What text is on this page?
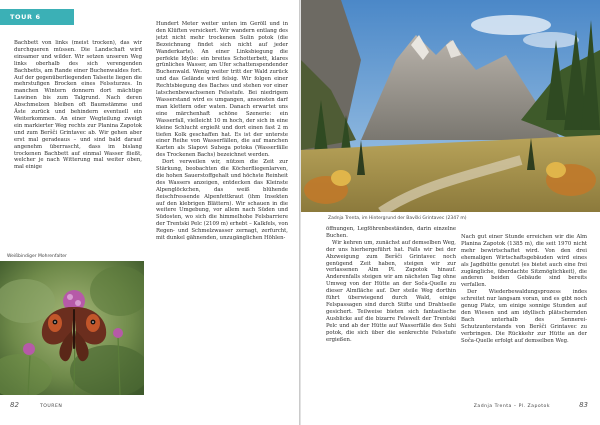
TOUR 6

Bachbett von links (meist trocken), das wir durchqueren müssen. Die Landschaft wird einsamer und wilder. Wir setzen unseren Weg links oberhalb des sich verengenden Bachbetts, am Rande einer Buchenwaldes fort. Auf der gegenüberliegenden Talseite liegen die mehrstufigen Brocken eines Felssturzes. In manchen Wintern donnern dort mächtige Lawinen bis zum Talgrund. Nach deren Abschmelzen bleiben oft Baumstämme und Äste zurück und behindern eventuell ein Weiterkommen. An einer Wegteilung zweigt ein markierter Weg rechts zur Planina Zapotok und zum Beršči Grintavec ab. Wir gehen aber erst mal geradeaus – und sind bald darauf angenehm überrascht, dass im bislang trockenen Bachbett auf einmal Wasser fließt, welcher je nach Witterung mal weiter oben, mal einige

Hundert Meter weiter unten im Geröll und in den Klüften versickert. Wir wandern entlang des jetzt nicht mehr trockenen Sulin potok (die Bezeichnung findet sich nicht auf jeder Wanderkarte). An einer Linksbiegung die perfekte Idylle: ein breites Schotterbett, klares grünliches Wasser, am Ufer schattenspendender Buchenwald. Wenig weiter tritt der Wald zurück und das Gelände wird felsig. Wir folgen einer Rechtsbiegung des Baches und stehen vor einer latschenbewachsenen Felsstufe. Bei niedrigem Wasserstand wird es umgangen, ansonsten darf man klettern oder waten. Danach erwartet uns eine märchenhaft schöne Szenerie: ein Wasserfall, vielleicht 10 m hoch, der sich in eine kleine Schlucht ergießt und dort einen fast 2 m tiefen Kolk geschaffen hat. Es ist der unterste einer Reihe von Wasserfällen, die auf manchen Karten als Slapovi Suhega potoka (Wasserfälle des Trockenen Bachs) bezeichnet werden.

Dort verweilen wir, nützen die Zeit zur Stärkung, beobachten die Köcherfliegenlarven, die hohen Sauerstoffgehalt und höchste Reinheit des Wassers anzeigen, entdecken das Kleinste Alpenglöckchen, das weiß blühende fleischfressende Alpenfettkraut (ihm Insekten auf den klebrigen Blättern). Wir schauen in die weitere Umgebung, vor allem nach Süden und Südosten, wo sich die himmelhohe Felsbarriere der Trentski Pelc (2109 m) erhebt – Kalkfels, von Regen- und Schmelzwasser zernagt, zerfurcht, mit dunkel gähnenden, unzugänglichen Höhlen-

Weißbindiger Mohrenfalter
82	TOUREN
Zadnja Trenta, im Hintergrund der Bavški Grintavec (2347 m)

öffnungen, Legföhrenbeständen, darin einzelne Buchen.

Wir kehren um, zunächst auf demselben Weg, der uns hierhergeführt hat. Falls wir bei der Abzweigung zum Beršči Grintavec noch genügend Zeit haben, steigen wir zur verlassenen Alm Pl. Zapotok hinauf. Anderenfalls steigen wir am nächsten Tag ohne Umweg von der Hütte an der Soča-Quelle zu dieser Almfläche auf. Der steile Weg dorthin führt überwiegend durch Wald, einige Felspassagen sind durch Stifte und Drahtseile gesichert. Teilweise bieten sich fantastische Ausblicke auf die bizarre Felswelt der Trentski Pelc und ab der Hütte auf Wasserfälle des Suhi potok, die sich über die senkrechte Felsstufe ergießen.

Nach gut einer Stunde erreichen wir die Alm Planina Zapotok (1385 m), die seit 1970 nicht mehr bewirtschaftet wird. Von den drei ehemaligen Wirtschaftsgebäuden wird eines als Jagdhütte genutzt (es bietet auch eine frei zugängliche, überdachte Sitzmöglichkeit), die anderen beiden Gebäude sind bereits verfallen.

Der Wiederbewaldungsprozess indes schreitet nur langsam voran, und es gibt noch genug Platz, um einige sonnige Stunden auf den Wiesen und am idyllisch plätschernden Bach unterhalb des Sennerei-Schutzunterstands von Beršči Grintavec zu verbringen. Die Rückkehr zur Hütte an der Soča-Quelle erfolgt auf demselben Weg.

Zadnja Trenta – Pl. Zapotok	83
